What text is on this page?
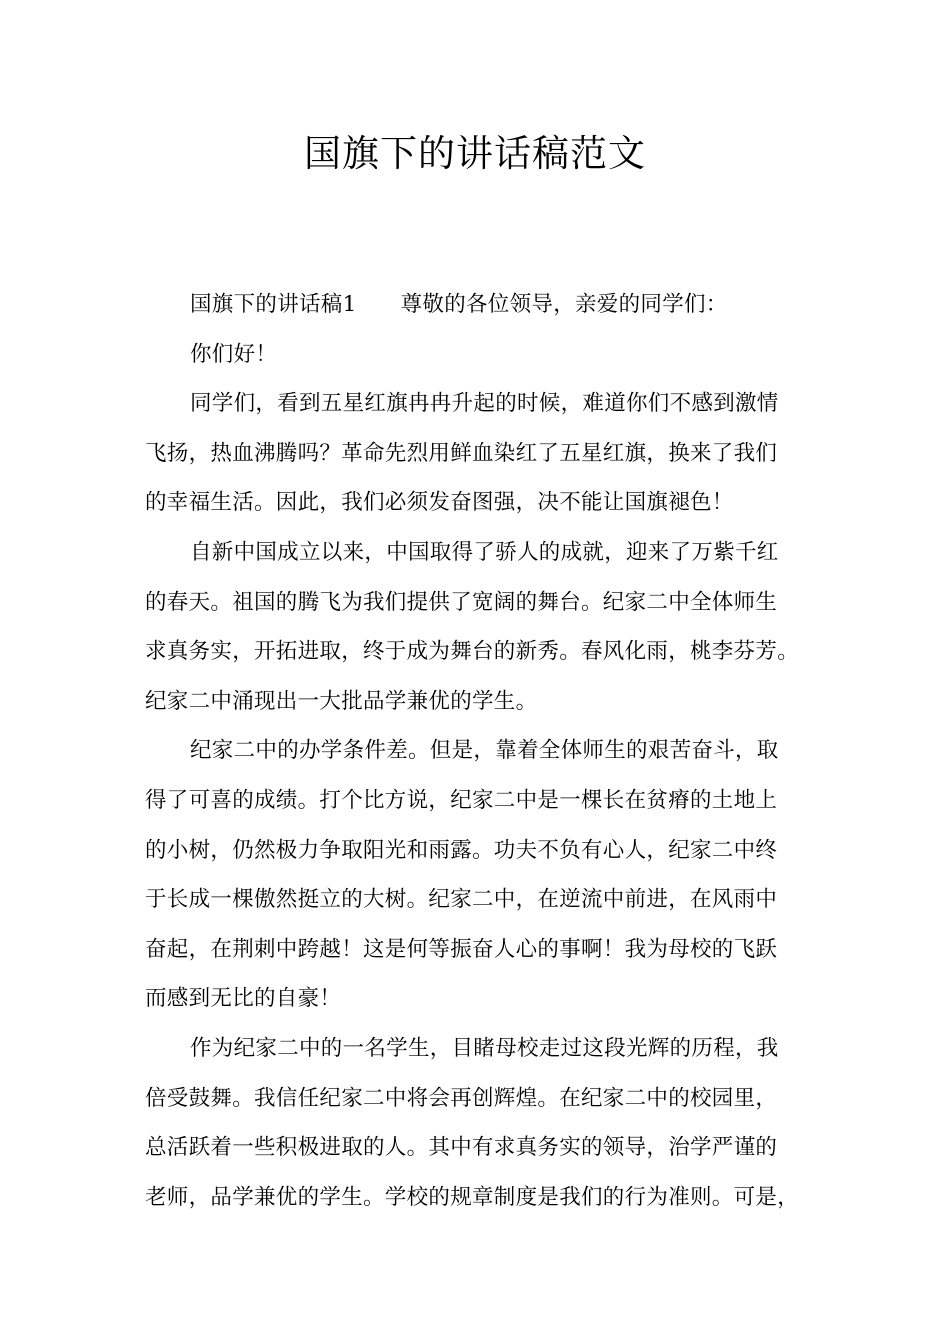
国旗下的讲话稿范文
国旗下的讲话稿1 尊敬的各位领导，亲爱的同学们：
你们好！
同学们，看到五星红旗冉冉升起的时候，难道你们不感到激情
飞扬，热血沸腾吗？革命先烈用鲜血染红了五星红旗，换来了我们
的幸福生活。因此，我们必须发奋图强，决不能让国旗褪色！
自新中国成立以来，中国取得了骄人的成就，迎来了万紫千红
的春天。祖国的腾飞为我们提供了宽阔的舞台。纪家二中全体师生
求真务实，开拓进取，终于成为舞台的新秀。春风化雨，桃李芬芳。
纪家二中涌现出一大批品学兼优的学生。
纪家二中的办学条件差。但是，靠着全体师生的艰苦奋斗，取
得了可喜的成绩。打个比方说，纪家二中是一棵长在贫瘠的土地上
的小树，仍然极力争取阳光和雨露。功夫不负有心人，纪家二中终
于长成一棵傲然挺立的大树。纪家二中，在逆流中前进，在风雨中
奋起，在荆刺中跨越！这是何等振奋人心的事啊！我为母校的飞跃
而感到无比的自豪！
作为纪家二中的一名学生，目睹母校走过这段光辉的历程，我
倍受鼓舞。我信任纪家二中将会再创辉煌。在纪家二中的校园里，
总活跃着一些积极进取的人。其中有求真务实的领导，治学严谨的
老师，品学兼优的学生。学校的规章制度是我们的行为准则。可是，
